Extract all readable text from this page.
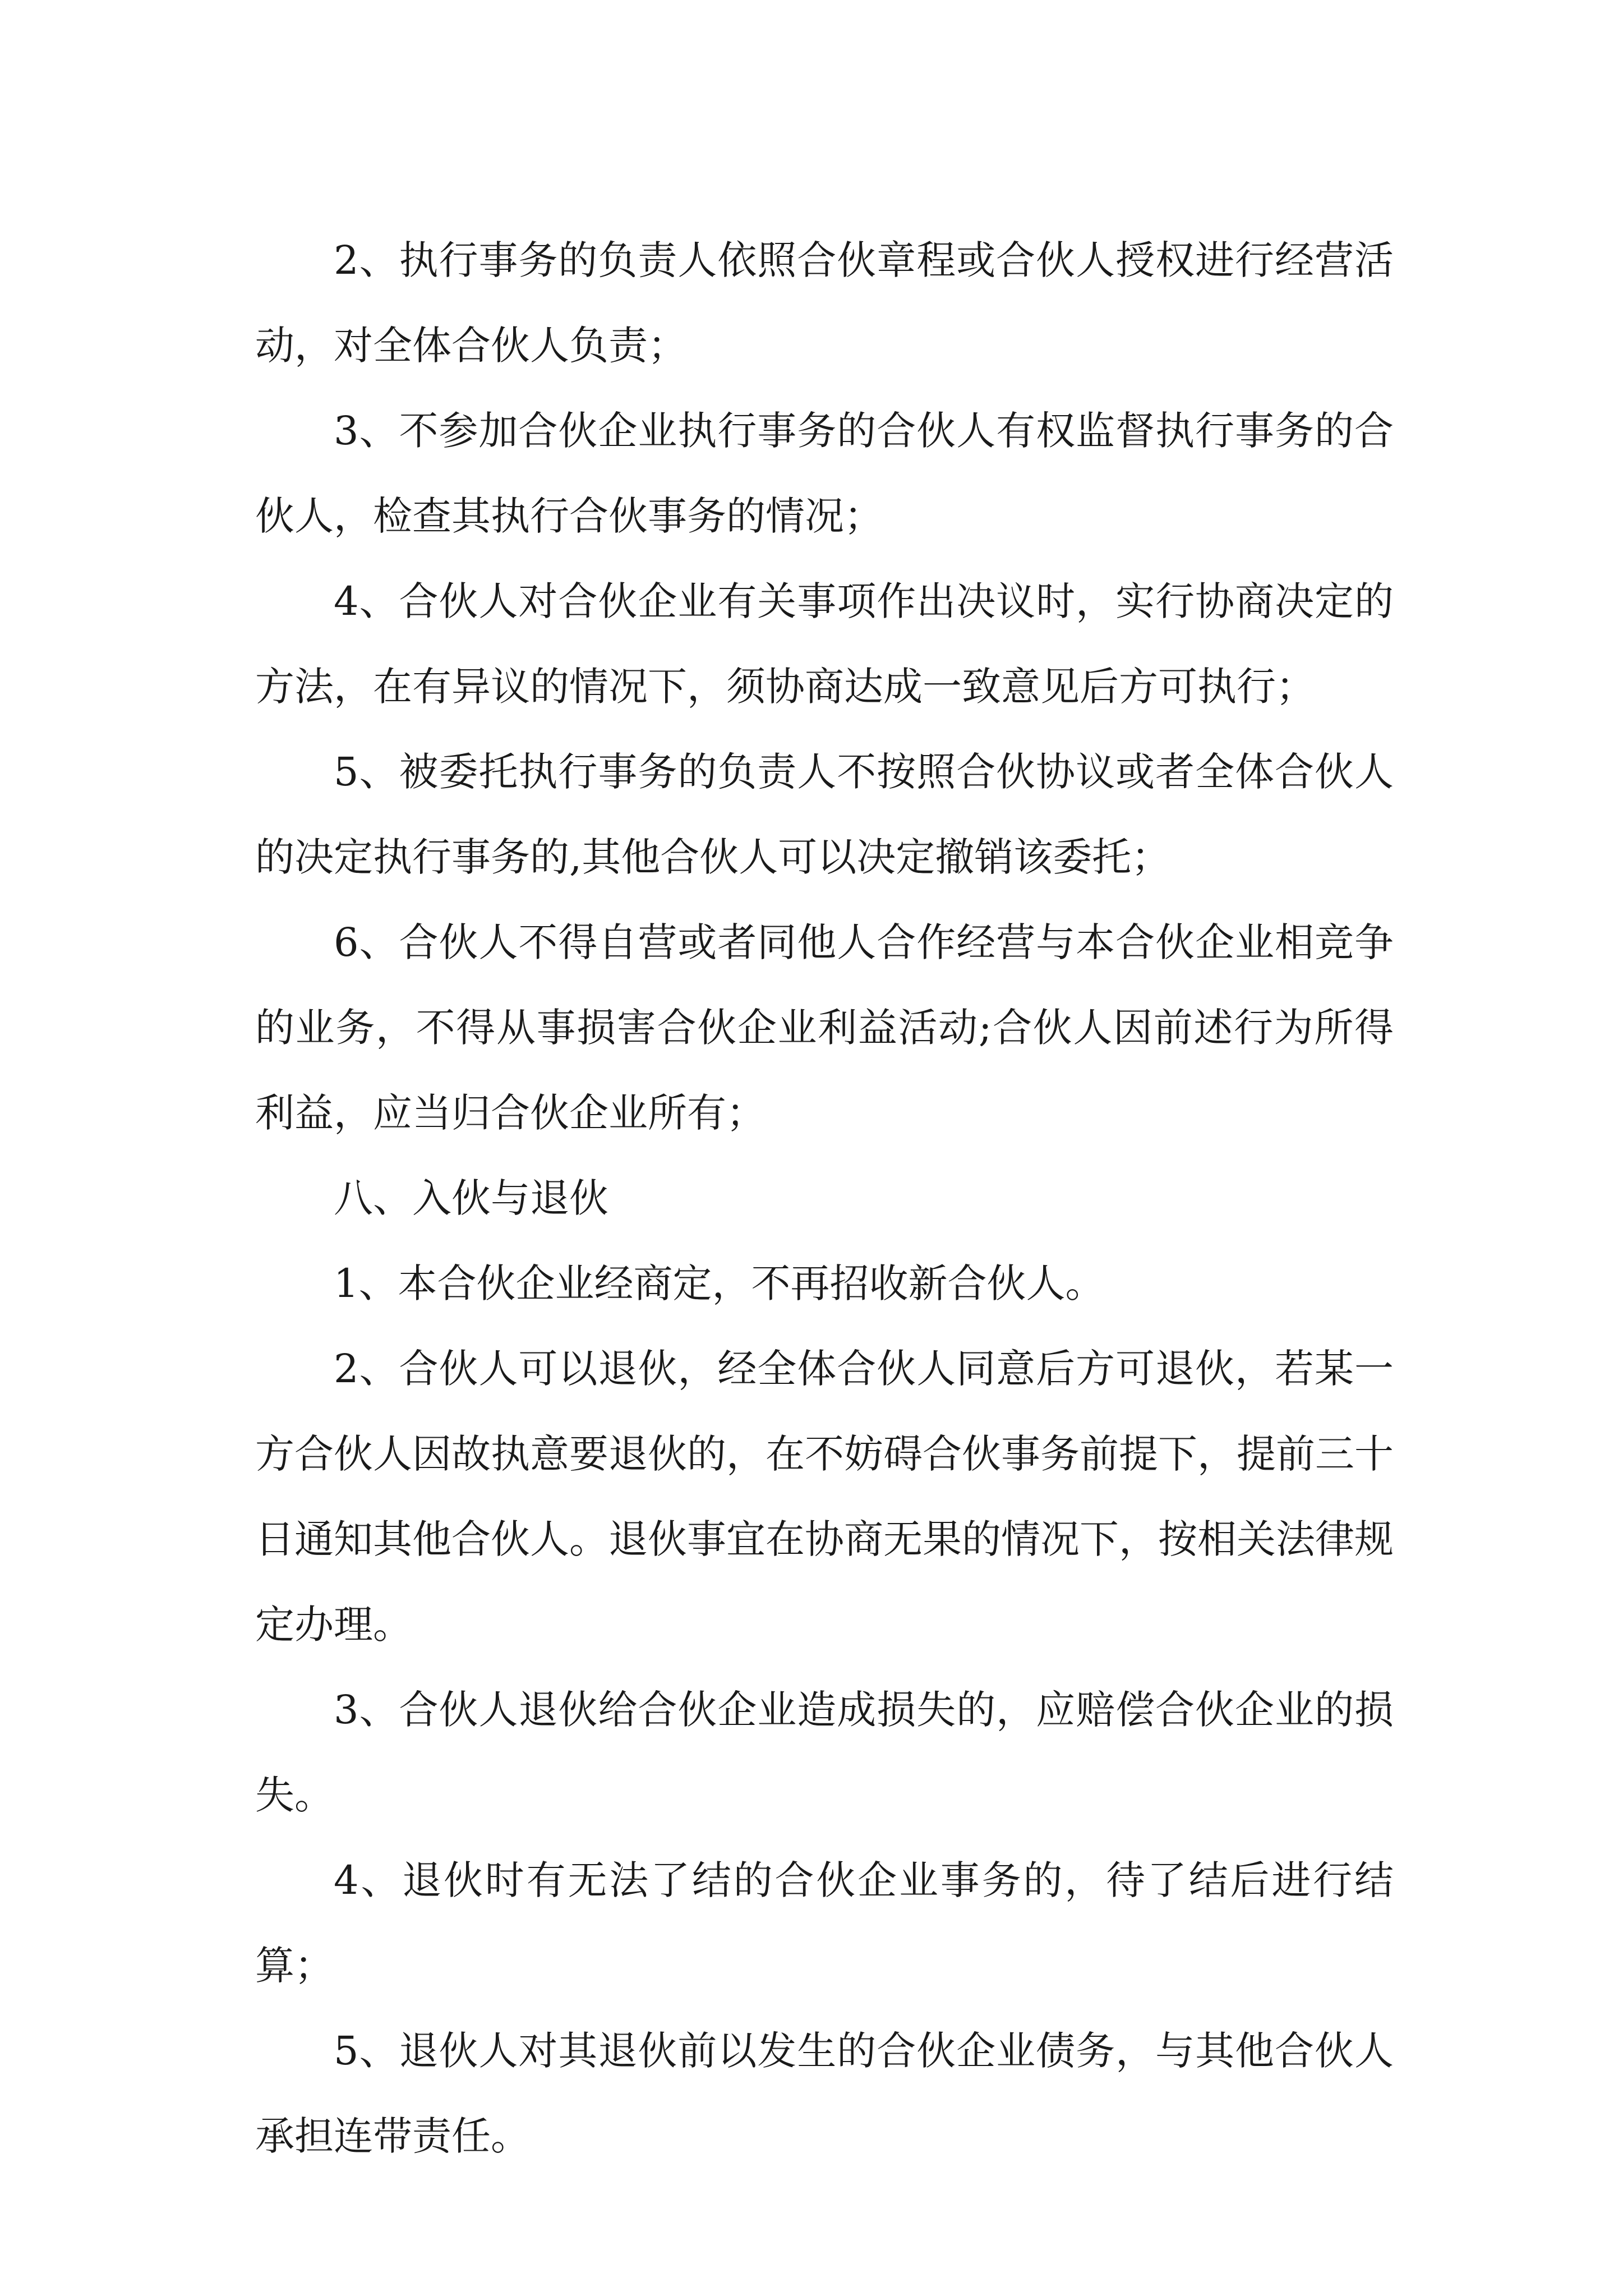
2、执行事务的负责人依照合伙章程或合伙人授权进行经营活动，对全体合伙人负责；

3、不参加合伙企业执行事务的合伙人有权监督执行事务的合伙人，检查其执行合伙事务的情况；

4、合伙人对合伙企业有关事项作出决议时，实行协商决定的方法，在有异议的情况下，须协商达成一致意见后方可执行；

5、被委托执行事务的负责人不按照合伙协议或者全体合伙人的决定执行事务的,其他合伙人可以决定撤销该委托；

6、合伙人不得自营或者同他人合作经营与本合伙企业相竞争的业务，不得从事损害合伙企业利益活动;合伙人因前述行为所得利益，应当归合伙企业所有；

八、入伙与退伙

1、本合伙企业经商定，不再招收新合伙人。

2、合伙人可以退伙，经全体合伙人同意后方可退伙，若某一方合伙人因故执意要退伙的，在不妨碍合伙事务前提下，提前三十日通知其他合伙人。退伙事宜在协商无果的情况下，按相关法律规定办理。

3、合伙人退伙给合伙企业造成损失的，应赔偿合伙企业的损失。

4、退伙时有无法了结的合伙企业事务的，待了结后进行结算；

5、退伙人对其退伙前以发生的合伙企业债务，与其他合伙人承担连带责任。
